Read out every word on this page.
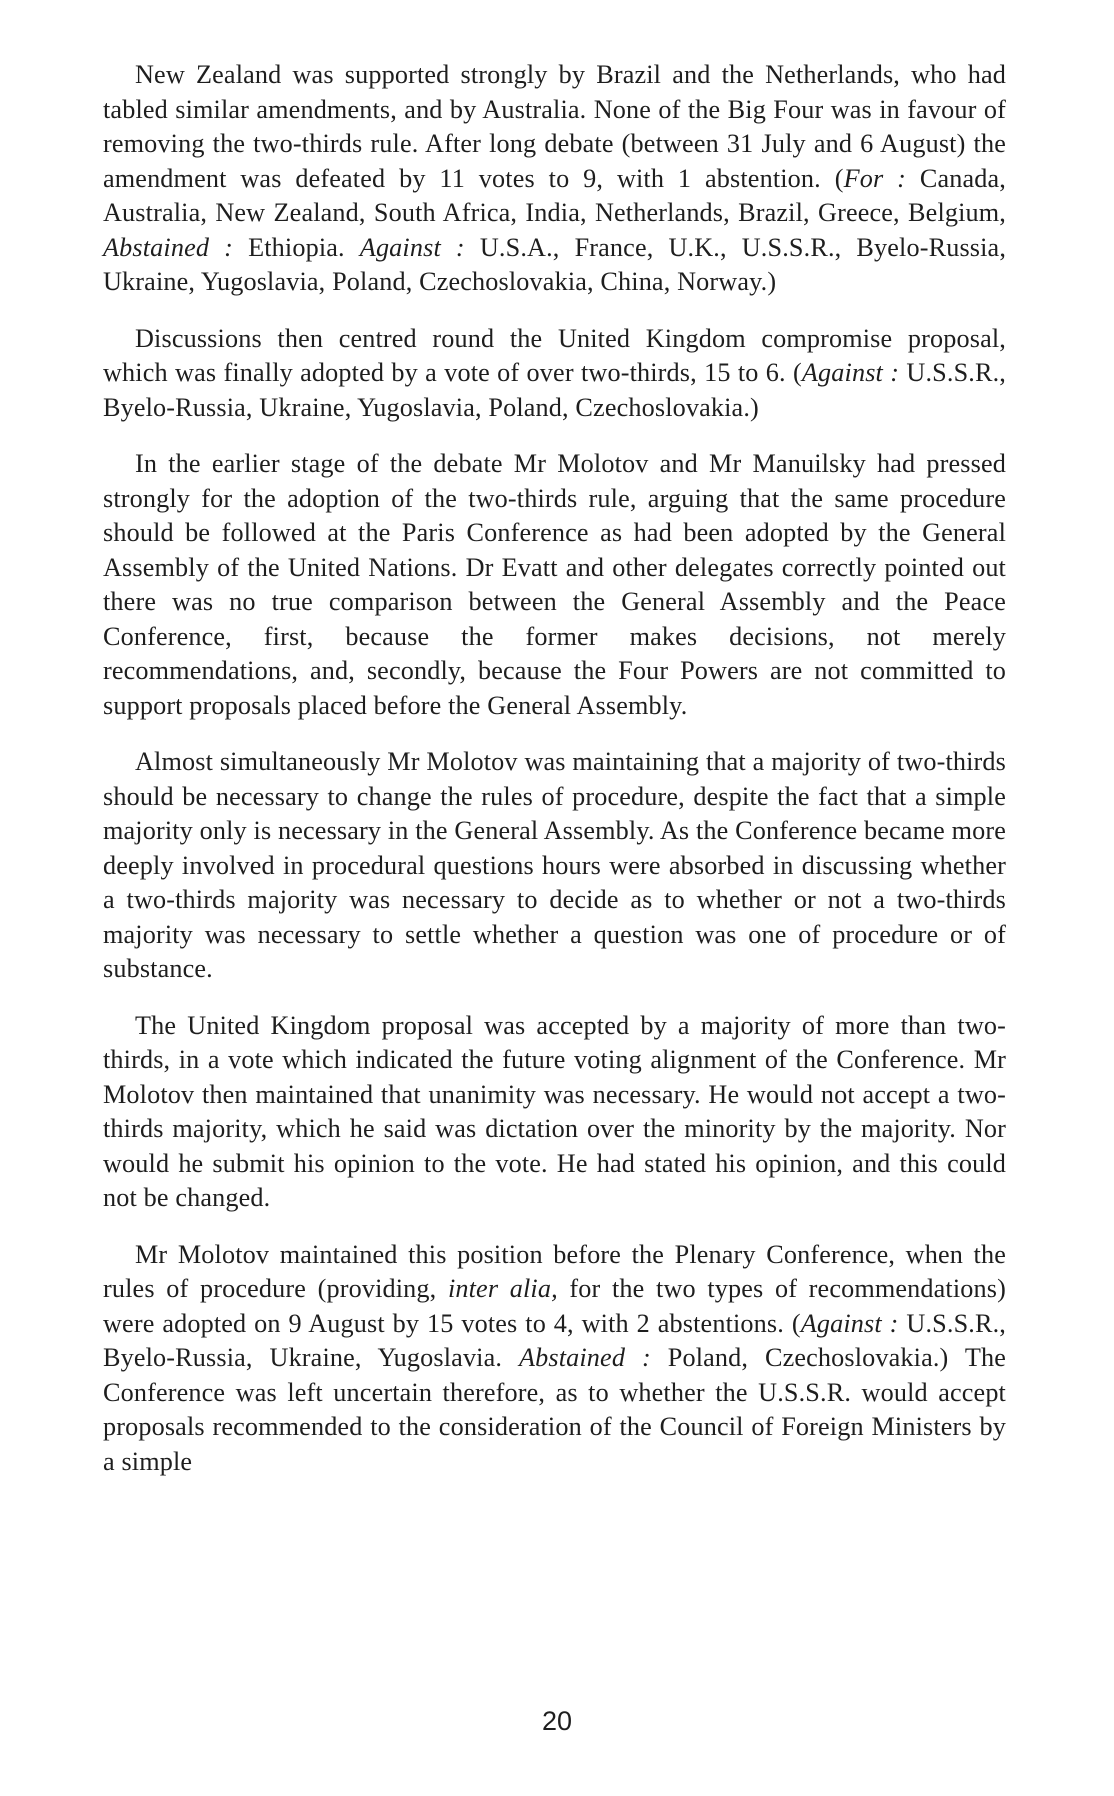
New Zealand was supported strongly by Brazil and the Netherlands, who had tabled similar amendments, and by Australia. None of the Big Four was in favour of removing the two-thirds rule. After long debate (between 31 July and 6 August) the amendment was defeated by 11 votes to 9, with 1 abstention. (For : Canada, Australia, New Zealand, South Africa, India, Netherlands, Brazil, Greece, Belgium, Abstained : Ethiopia. Against : U.S.A., France, U.K., U.S.S.R., Byelo-Russia, Ukraine, Yugoslavia, Poland, Czechoslovakia, China, Norway.)

Discussions then centred round the United Kingdom compromise proposal, which was finally adopted by a vote of over two-thirds, 15 to 6. (Against : U.S.S.R., Byelo-Russia, Ukraine, Yugoslavia, Poland, Czechoslovakia.)

In the earlier stage of the debate Mr Molotov and Mr Manuilsky had pressed strongly for the adoption of the two-thirds rule, arguing that the same procedure should be followed at the Paris Conference as had been adopted by the General Assembly of the United Nations. Dr Evatt and other delegates correctly pointed out there was no true comparison between the General Assembly and the Peace Conference, first, because the former makes decisions, not merely recommendations, and, secondly, because the Four Powers are not committed to support proposals placed before the General Assembly.

Almost simultaneously Mr Molotov was maintaining that a majority of two-thirds should be necessary to change the rules of procedure, despite the fact that a simple majority only is necessary in the General Assembly. As the Conference became more deeply involved in procedural questions hours were absorbed in discussing whether a two-thirds majority was necessary to decide as to whether or not a two-thirds majority was necessary to settle whether a question was one of procedure or of substance.

The United Kingdom proposal was accepted by a majority of more than two-thirds, in a vote which indicated the future voting alignment of the Conference. Mr Molotov then maintained that unanimity was necessary. He would not accept a two-thirds majority, which he said was dictation over the minority by the majority. Nor would he submit his opinion to the vote. He had stated his opinion, and this could not be changed.

Mr Molotov maintained this position before the Plenary Conference, when the rules of procedure (providing, inter alia, for the two types of recommendations) were adopted on 9 August by 15 votes to 4, with 2 abstentions. (Against : U.S.S.R., Byelo-Russia, Ukraine, Yugoslavia. Abstained : Poland, Czechoslovakia.) The Conference was left uncertain therefore, as to whether the U.S.S.R. would accept proposals recommended to the consideration of the Council of Foreign Ministers by a simple

20
